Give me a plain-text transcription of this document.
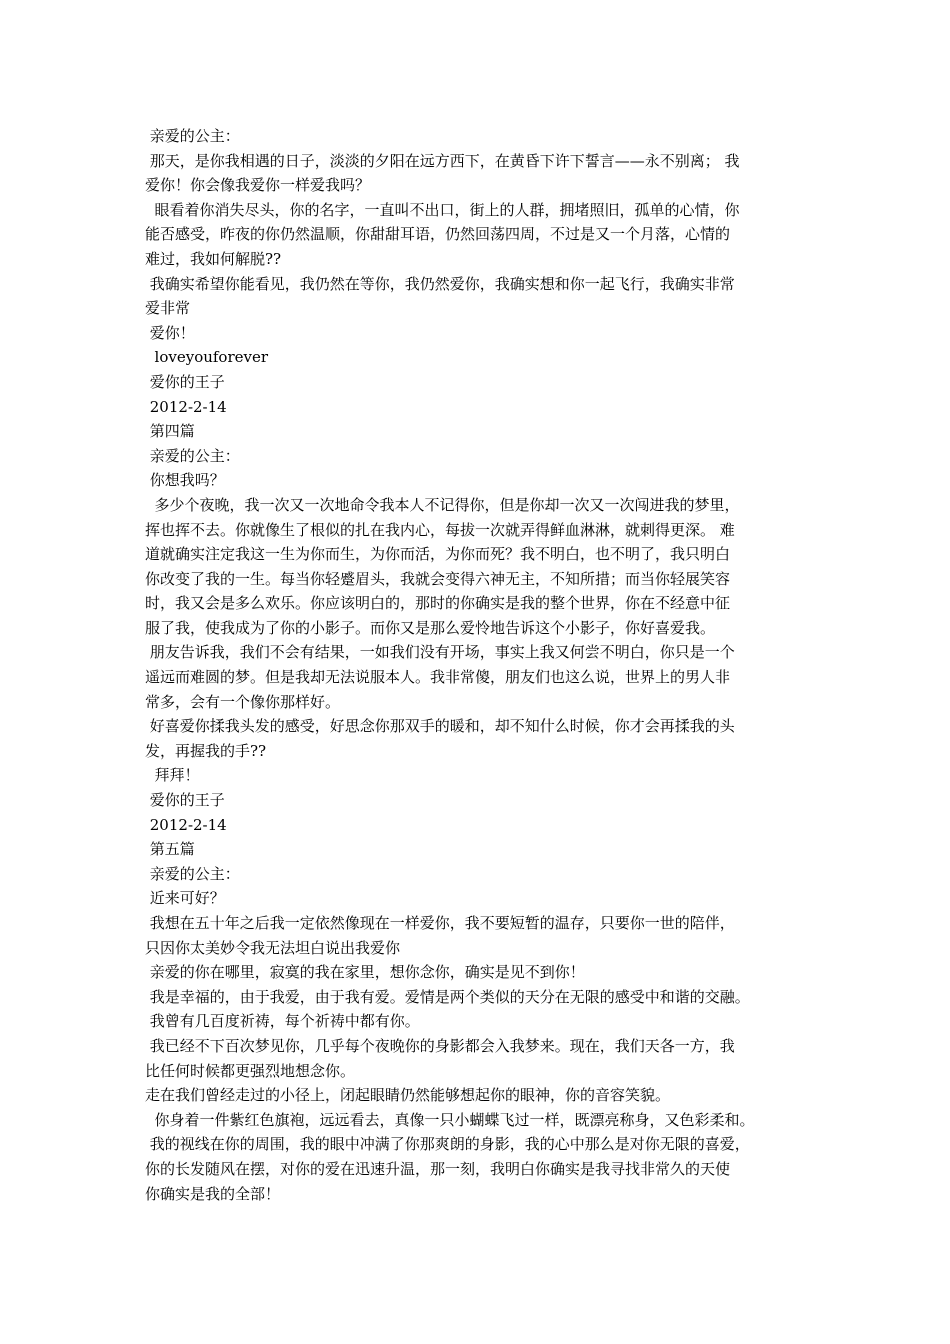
亲爱的公主：
那天，是你我相遇的日子，淡淡的夕阳在远方西下，在黄昏下许下誓言——永不别离； 我
爱你！你会像我爱你一样爱我吗？
眼看着你消失尽头，你的名字，一直叫不出口，街上的人群，拥堵照旧，孤单的心情，你
能否感受，昨夜的你仍然温顺，你甜甜耳语，仍然回荡四周，不过是又一个月落，心情的
难过，我如何解脱??
我确实希望你能看见，我仍然在等你，我仍然爱你，我确实想和你一起飞行，我确实非常
爱非常
爱你！
loveyouforever
爱你的王子
2012-2-14
第四篇
亲爱的公主：
你想我吗？
多少个夜晚，我一次又一次地命令我本人不记得你，但是你却一次又一次闯进我的梦里，
挥也挥不去。你就像生了根似的扎在我内心，每拔一次就弄得鲜血淋淋，就刺得更深。 难
道就确实注定我这一生为你而生，为你而活，为你而死？我不明白，也不明了，我只明白
你改变了我的一生。每当你轻蹙眉头，我就会变得六神无主，不知所措；而当你轻展笑容
时，我又会是多么欢乐。你应该明白的，那时的你确实是我的整个世界，你在不经意中征
服了我，使我成为了你的小影子。而你又是那么爱怜地告诉这个小影子，你好喜爱我。
朋友告诉我，我们不会有结果，一如我们没有开场，事实上我又何尝不明白，你只是一个
遥远而难圆的梦。但是我却无法说服本人。我非常傻，朋友们也这么说，世界上的男人非
常多，会有一个像你那样好。
好喜爱你揉我头发的感受，好思念你那双手的暖和，却不知什么时候，你才会再揉我的头
发，再握我的手??
拜拜！
爱你的王子
2012-2-14
第五篇
亲爱的公主：
近来可好？
我想在五十年之后我一定依然像现在一样爱你，我不要短暂的温存，只要你一世的陪伴，
只因你太美妙令我无法坦白说出我爱你
亲爱的你在哪里，寂寞的我在家里，想你念你，确实是见不到你！
我是幸福的，由于我爱，由于我有爱。爱情是两个类似的天分在无限的感受中和谐的交融。
我曾有几百度祈祷，每个祈祷中都有你。
我已经不下百次梦见你，几乎每个夜晚你的身影都会入我梦来。现在，我们天各一方，我
比任何时候都更强烈地想念你。
走在我们曾经走过的小径上，闭起眼睛仍然能够想起你的眼神，你的音容笑貌。
你身着一件紫红色旗袍，远远看去，真像一只小蝴蝶飞过一样，既漂亮称身，又色彩柔和。
我的视线在你的周围，我的眼中冲满了你那爽朗的身影，我的心中那么是对你无限的喜爱，
你的长发随风在摆，对你的爱在迅速升温，那一刻，我明白你确实是我寻找非常久的天使
你确实是我的全部！
